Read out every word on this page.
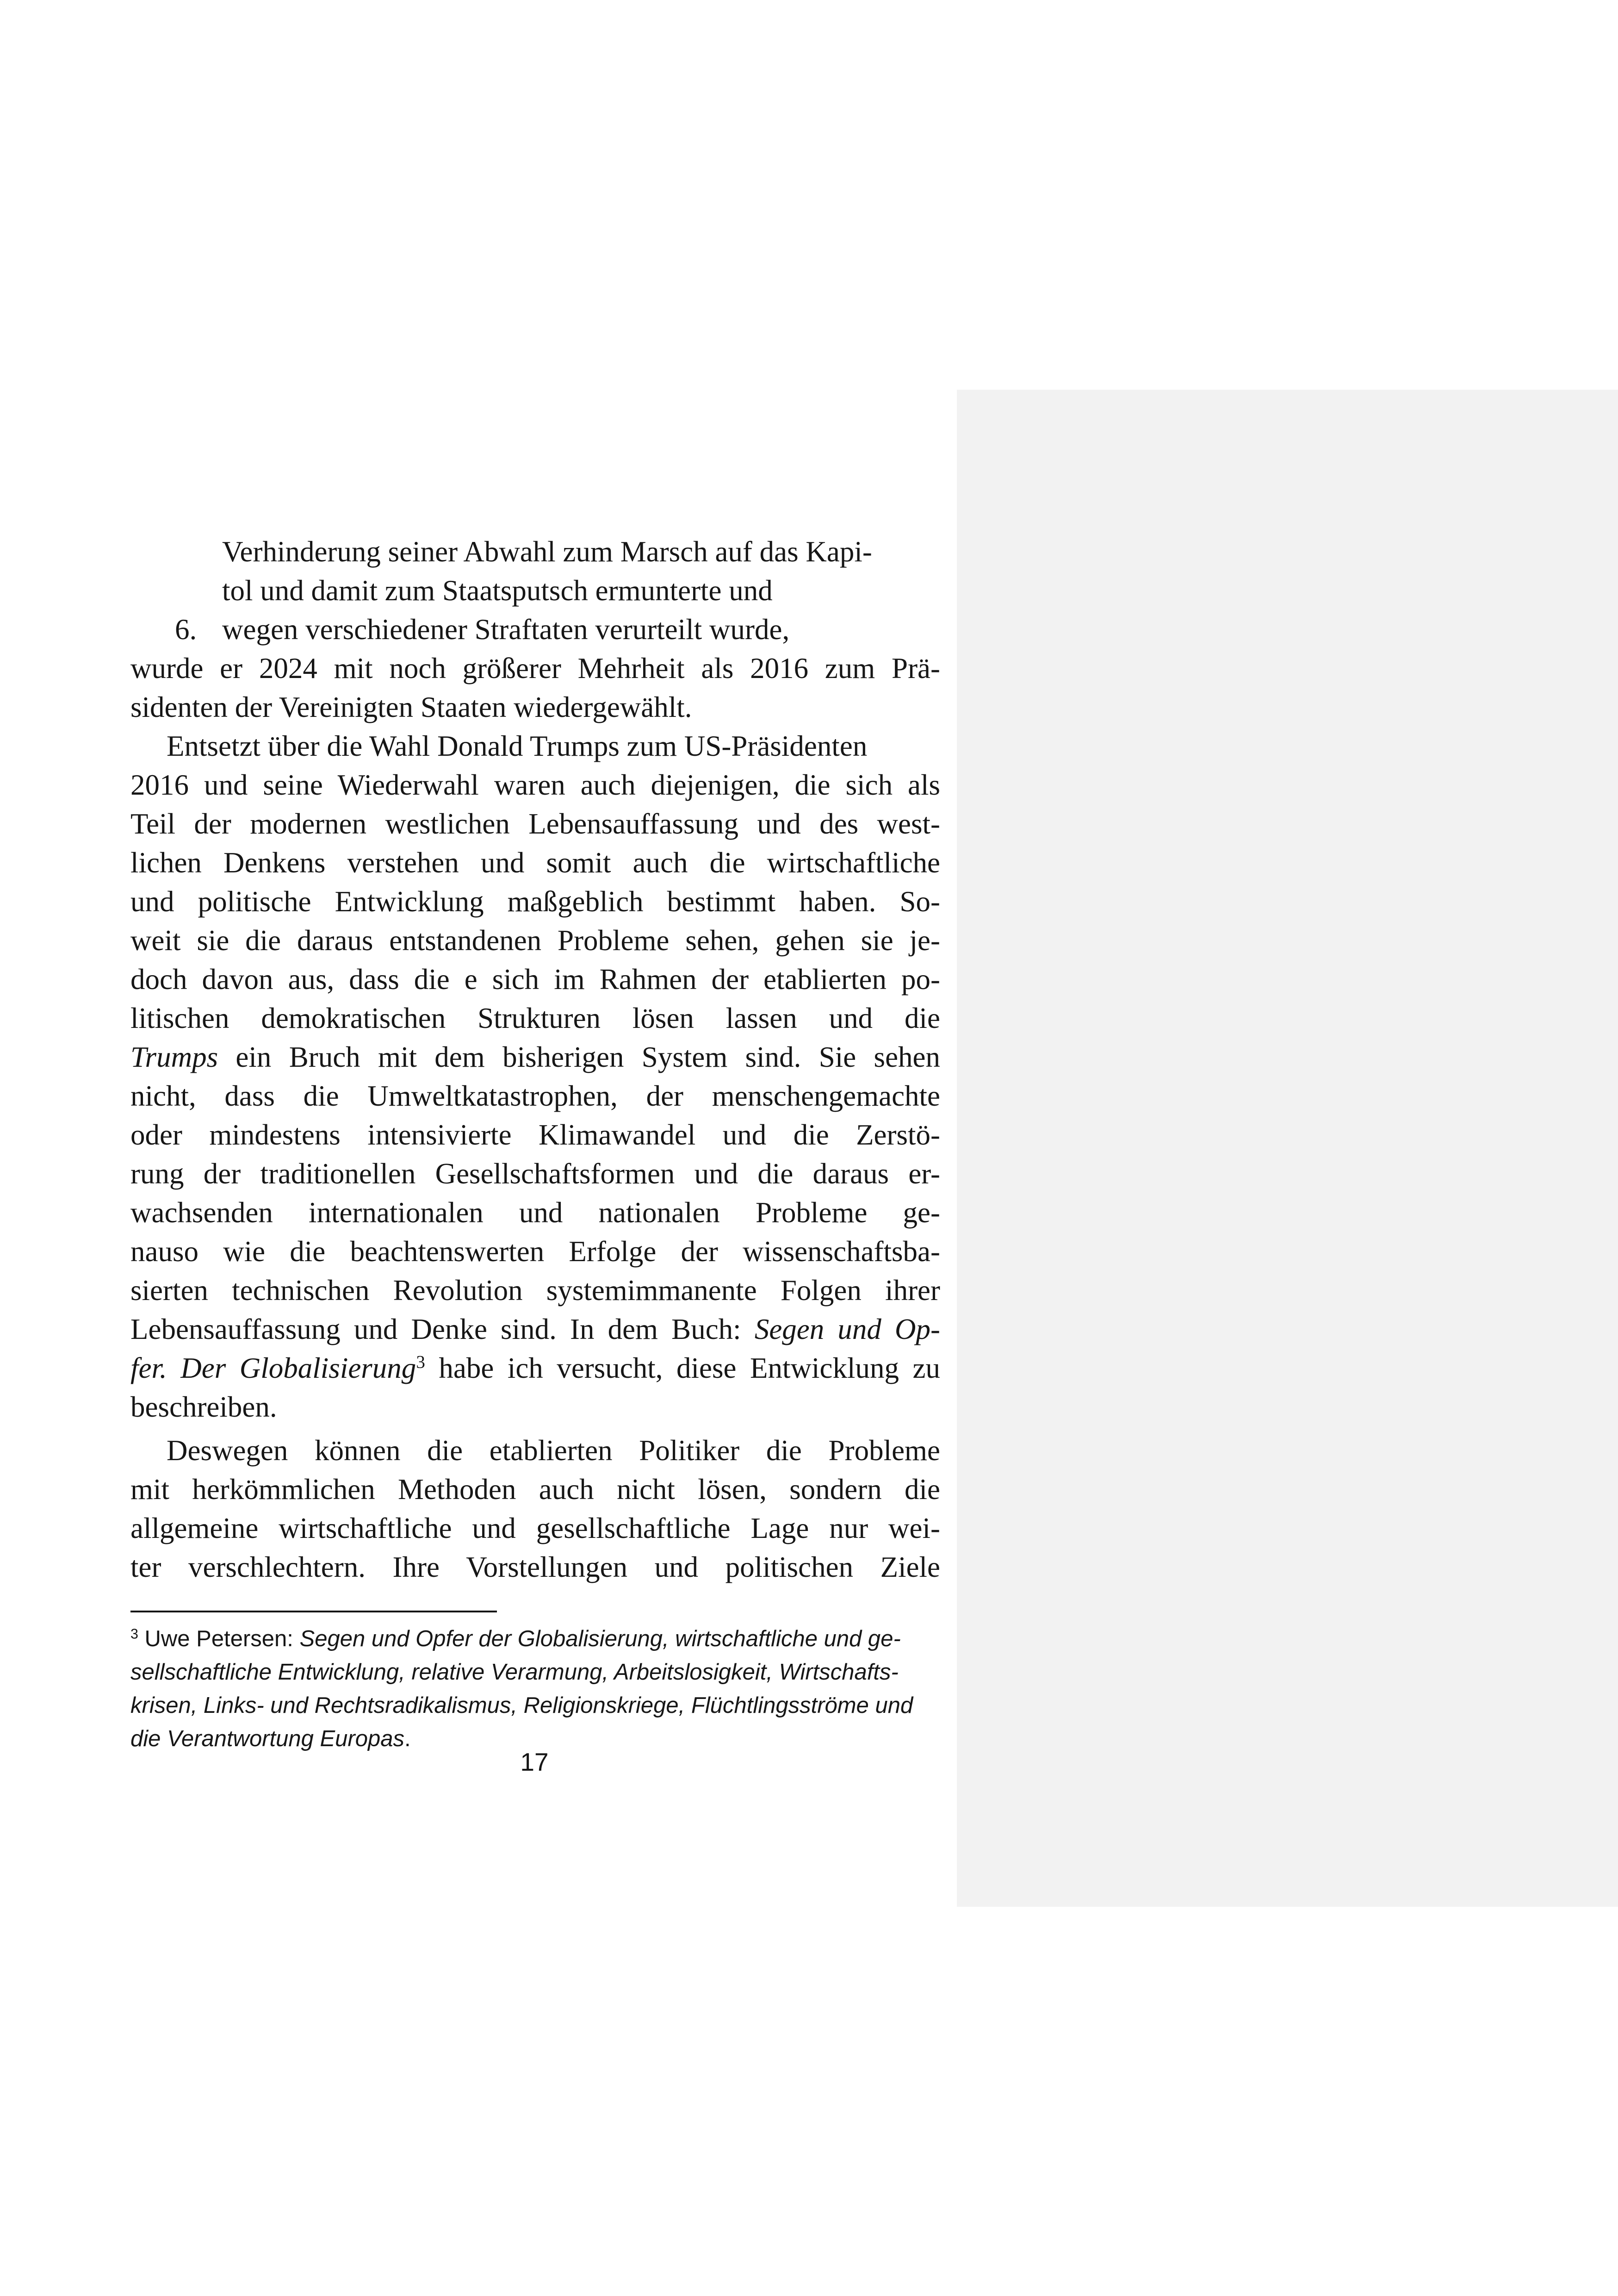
Verhinderung seiner Abwahl zum Marsch auf das Kapi-
tol und damit zum Staatsputsch ermunterte und
6. wegen verschiedener Straftaten verurteilt wurde,
wurde er 2024 mit noch größerer Mehrheit als 2016 zum Prä-
sidenten der Vereinigten Staaten wiedergewählt.
Entsetzt über die Wahl Donald Trumps zum US-Präsidenten
2016 und seine Wiederwahl waren auch diejenigen, die sich als
Teil der modernen westlichen Lebensauffassung und des west-
lichen Denkens verstehen und somit auch die wirtschaftliche
und politische Entwicklung maßgeblich bestimmt haben. So-
weit sie die daraus entstandenen Probleme sehen, gehen sie je-
doch davon aus, dass die e sich im Rahmen der etablierten po-
litischen demokratischen Strukturen lösen lassen und die
Trumps ein Bruch mit dem bisherigen System sind. Sie sehen
nicht, dass die Umweltkatastrophen, der menschengemachte
oder mindestens intensivierte Klimawandel und die Zerstö-
rung der traditionellen Gesellschaftsformen und die daraus er-
wachsenden internationalen und nationalen Probleme ge-
nauso wie die beachtenswerten Erfolge der wissenschaftsba-
sierten technischen Revolution systemimmanente Folgen ihrer
Lebensauffassung und Denke sind. In dem Buch: Segen und Op-
fer. Der Globalisierung$^3$ habe ich versucht, diese Entwicklung zu
beschreiben.
Deswegen können die etablierten Politiker die Probleme
mit herkömmlichen Methoden auch nicht lösen, sondern die
allgemeine wirtschaftliche und gesellschaftliche Lage nur wei-
ter verschlechtern. Ihre Vorstellungen und politischen Ziele
$^3$ Uwe Petersen: Segen und Opfer der Globalisierung, wirtschaftliche und ge-
sellschaftliche Entwicklung, relative Verarmung, Arbeitslosigkeit, Wirtschafts-
krisen, Links- und Rechtsradikalismus, Religionskriege, Flüchtlingsströme und
die Verantwortung Europas.
17
